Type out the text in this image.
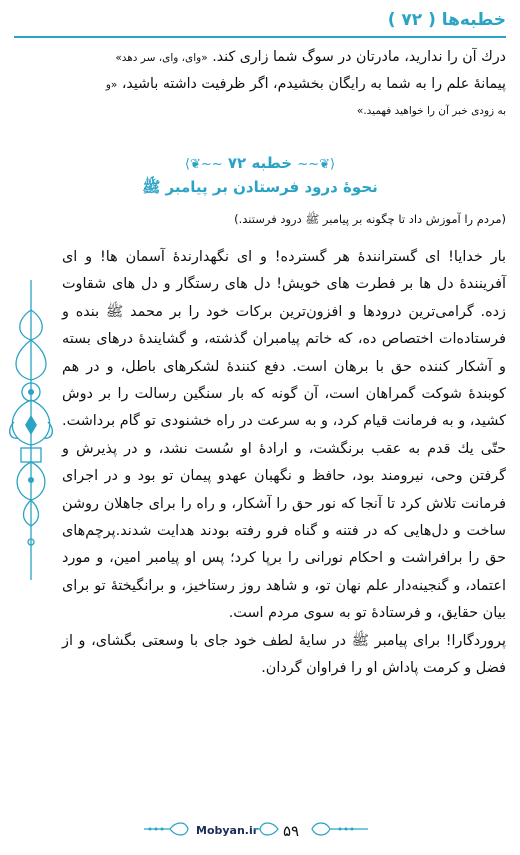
خطبه‌ها ( ۷۲ )
درك آن را ندارید، مادرتان در سوگ شما زاری كند. «وای، وای، سر دهد»
پیمانهٔ علم را به شما به رایگان بخشیدم، اگر ظرفیت داشته باشید، «و
به زودی خبر آن را خواهید فهمید.»
⟨❦~~ خطبه ۷۲ ~~❦⟩
نحوهٔ درود فرستادن بر پیامبر ﷺ
(مردم را آموزش داد تا چگونه بر پیامبر ﷺ درود فرستند.)

بار خدایا! ای گسترانندهٔ هر گسترده! و ای نگهدارندهٔ آسمان ها! و ای آفرینندهٔ دل ها بر فطرت های خویش! دل های رستگار و دل های شقاوت زده. گرامی‌ترین درودها و افزون‌ترین بركات خود را بر محمد ﷺ بنده و فرستاده‌ات اختصاص ده، كه خاتم پیامبران گذشته، و گشایندهٔ درهای بسته و آشكار كننده حق با برهان است. دفع كنندهٔ لشكرهای باطل، و در هم كوبندهٔ شوكت گمراهان است، آن گونه كه بار سنگین رسالت را بر دوش كشید، و به فرمانت قیام كرد، و به سرعت در راه خشنودی تو گام برداشت. حتّی یك قدم به عقب برنگشت، و ارادهٔ او سُست نشد، و در پذیرش و گرفتن وحی، نیرومند بود، حافظ و نگهبان عهدو پیمان تو بود و در اجرای فرمانت تلاش كرد تا آنجا كه نور حق را آشكار، و راه را برای جاهلان روشن ساخت و دل‌هایی كه در فتنه و گناه فرو رفته بودند هدایت شدند.پرچم‌های حق را برافراشت و احكام نورانی را برپا كرد؛ پس او پیامبر امین، و مورد اعتماد، و گنجینه‌دار علم نهان تو، و شاهد روز رستاخیز، و برانگیختهٔ تو برای بیان حقایق، و فرستادهٔ تو به سوی مردم است.

پروردگارا! برای پیامبر ﷺ در سایهٔ لطف خود جای با وسعتی بگشای، و از فضل و كرمت پاداش او را فراوان گردان.

Mobyan.ir ۵۹
